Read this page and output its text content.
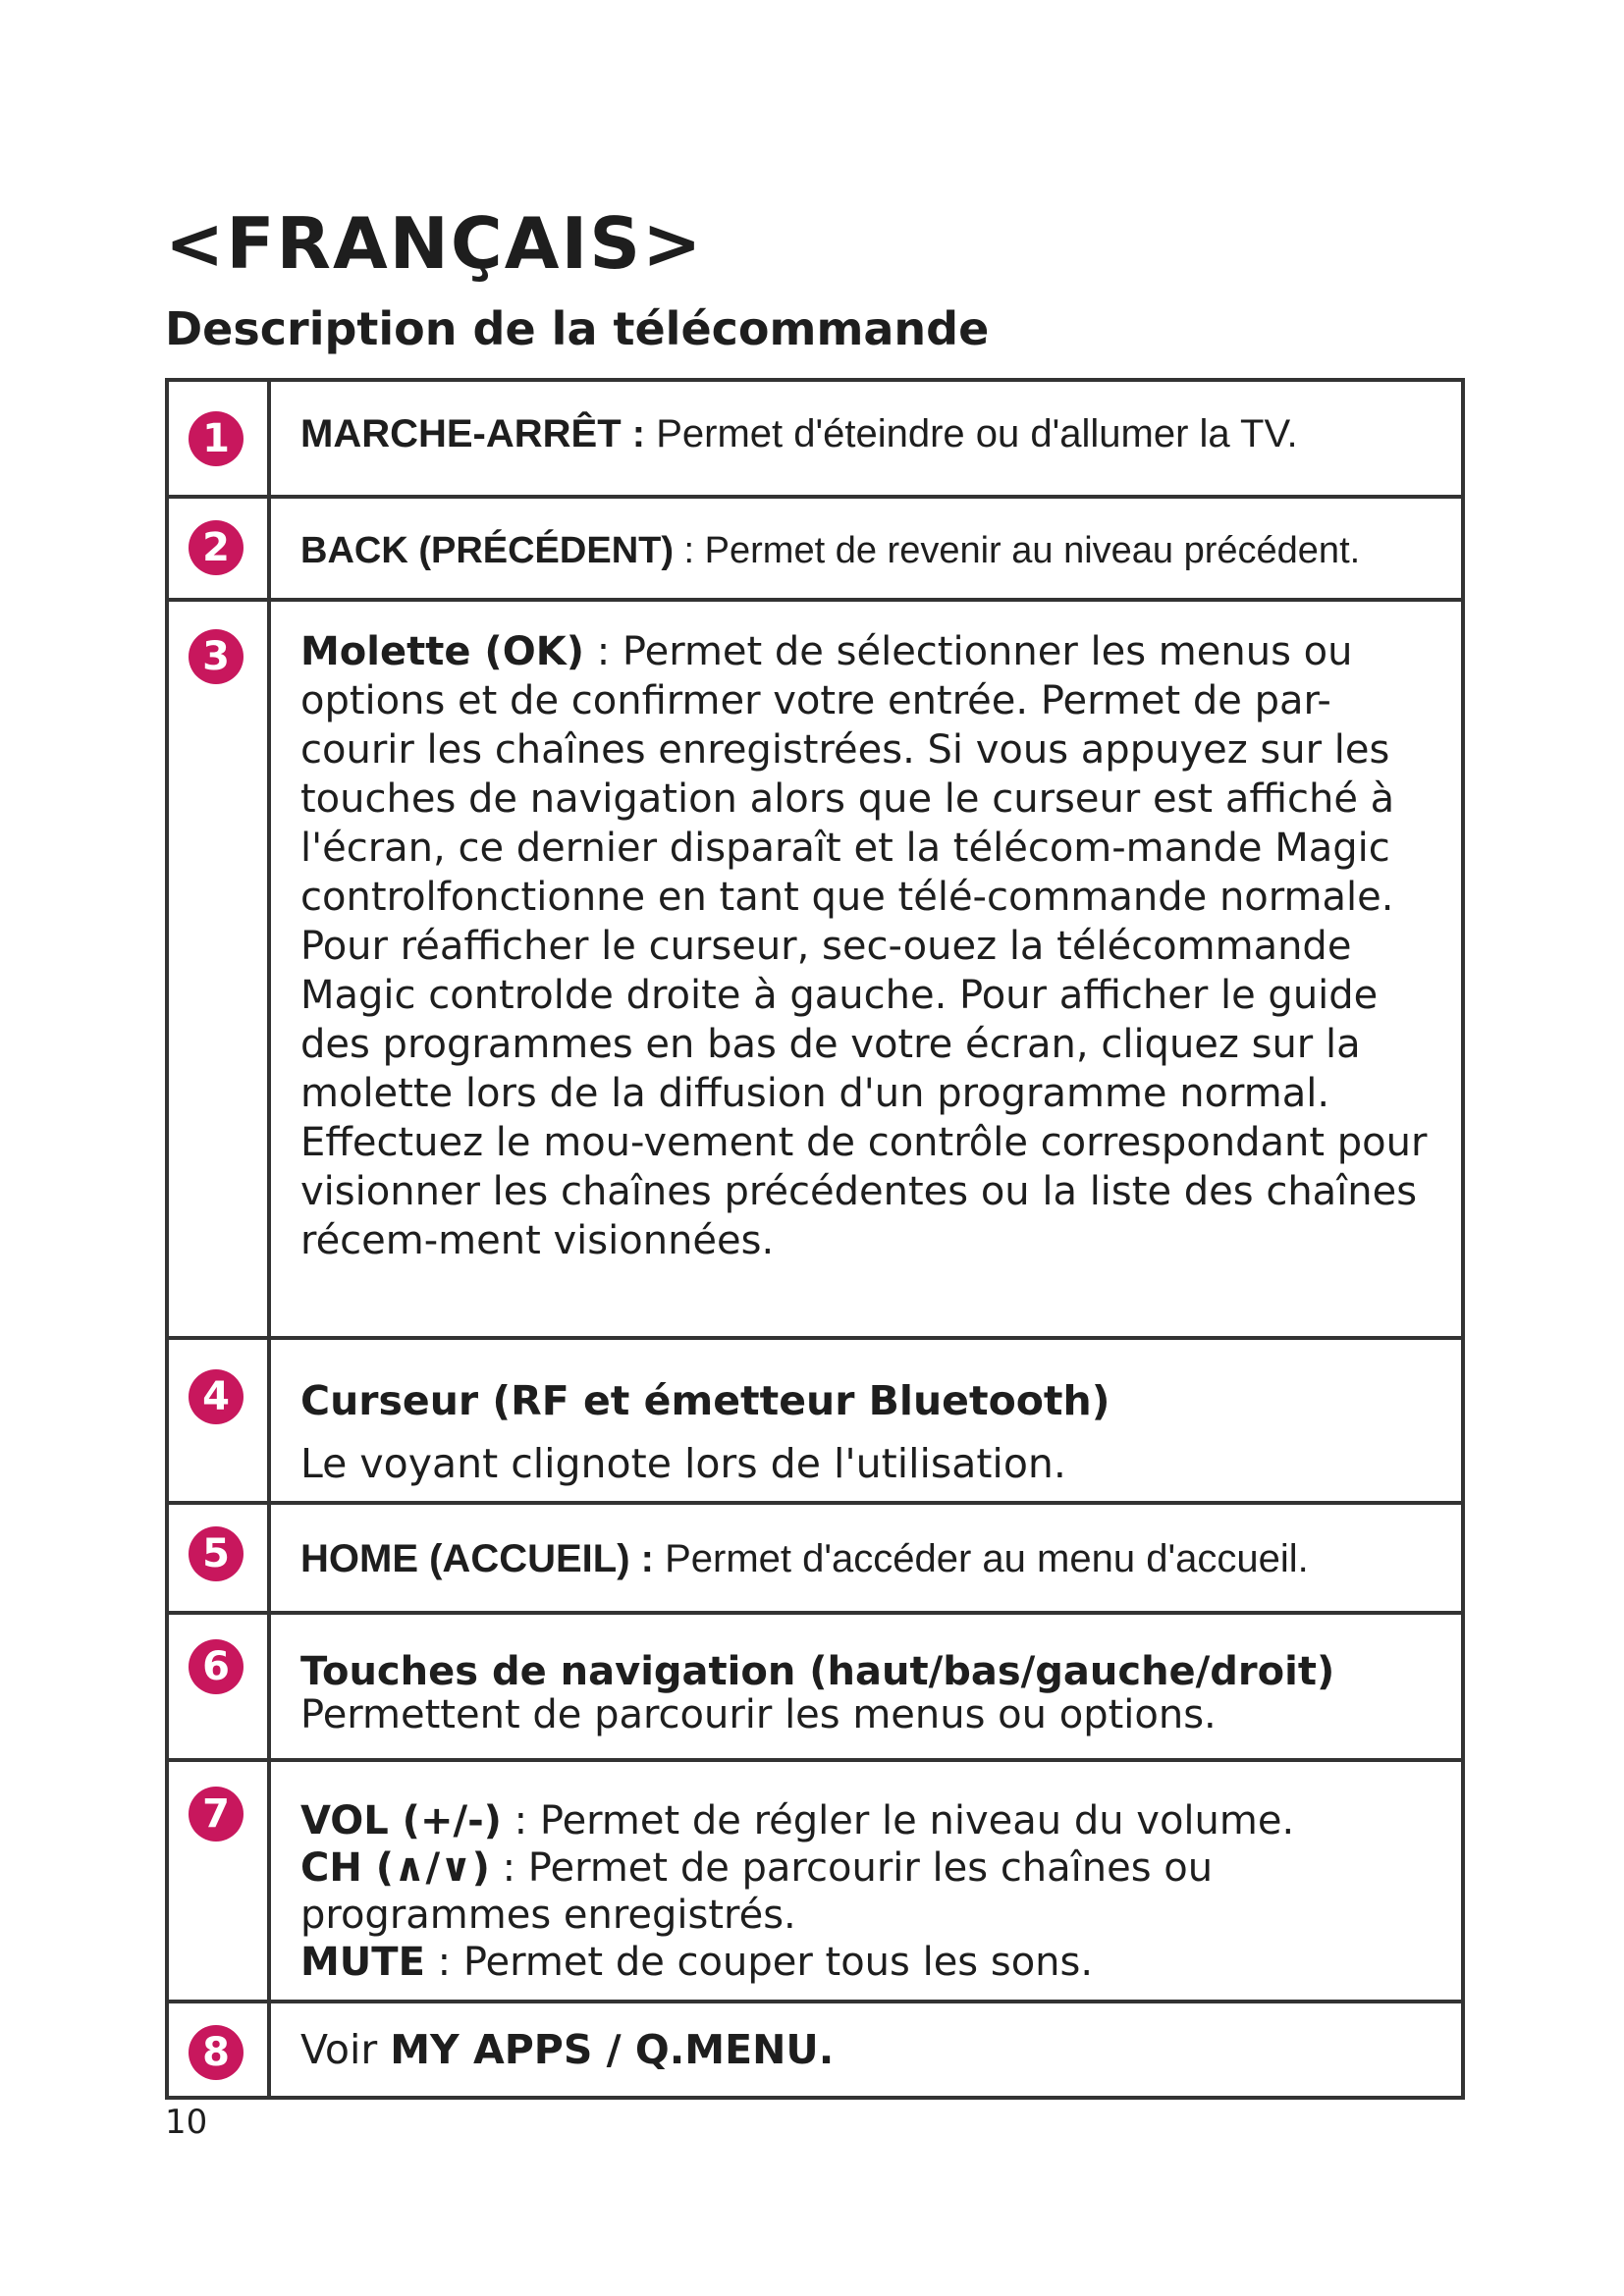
<FRANÇAIS>
Description de la télécommande
1	MARCHE-ARRÊT : Permet d'éteindre ou d'allumer la TV.
2	BACK (PRÉCÉDENT) : Permet de revenir au niveau précédent.
3	Molette (OK) : Permet de sélectionner les menus ou options et de confirmer votre entrée. Permet de par-courir les chaînes enregistrées. Si vous appuyez sur les touches de navigation alors que le curseur est affiché à l'écran, ce dernier disparaît et la télécom-mande Magic controlfonctionne en tant que télé-commande normale. Pour réafficher le curseur, sec-ouez la télécommande Magic controlde droite à gauche. Pour afficher le guide des programmes en bas de votre écran, cliquez sur la molette lors de la diffusion d'un programme normal. Effectuez le mou-vement de contrôle correspondant pour visionner les chaînes précédentes ou la liste des chaînes récem-ment visionnées.
4	Curseur (RF et émetteur Bluetooth)
Le voyant clignote lors de l'utilisation.
5	HOME (ACCUEIL) : Permet d'accéder au menu d'accueil.
6	Touches de navigation (haut/bas/gauche/droit)
Permettent de parcourir les menus ou options.
7	VOL (+/-) : Permet de régler le niveau du volume.
CH (∧/∨) : Permet de parcourir les chaînes ou programmes enregistrés.
MUTE : Permet de couper tous les sons.
8	Voir MY APPS / Q.MENU.
10
